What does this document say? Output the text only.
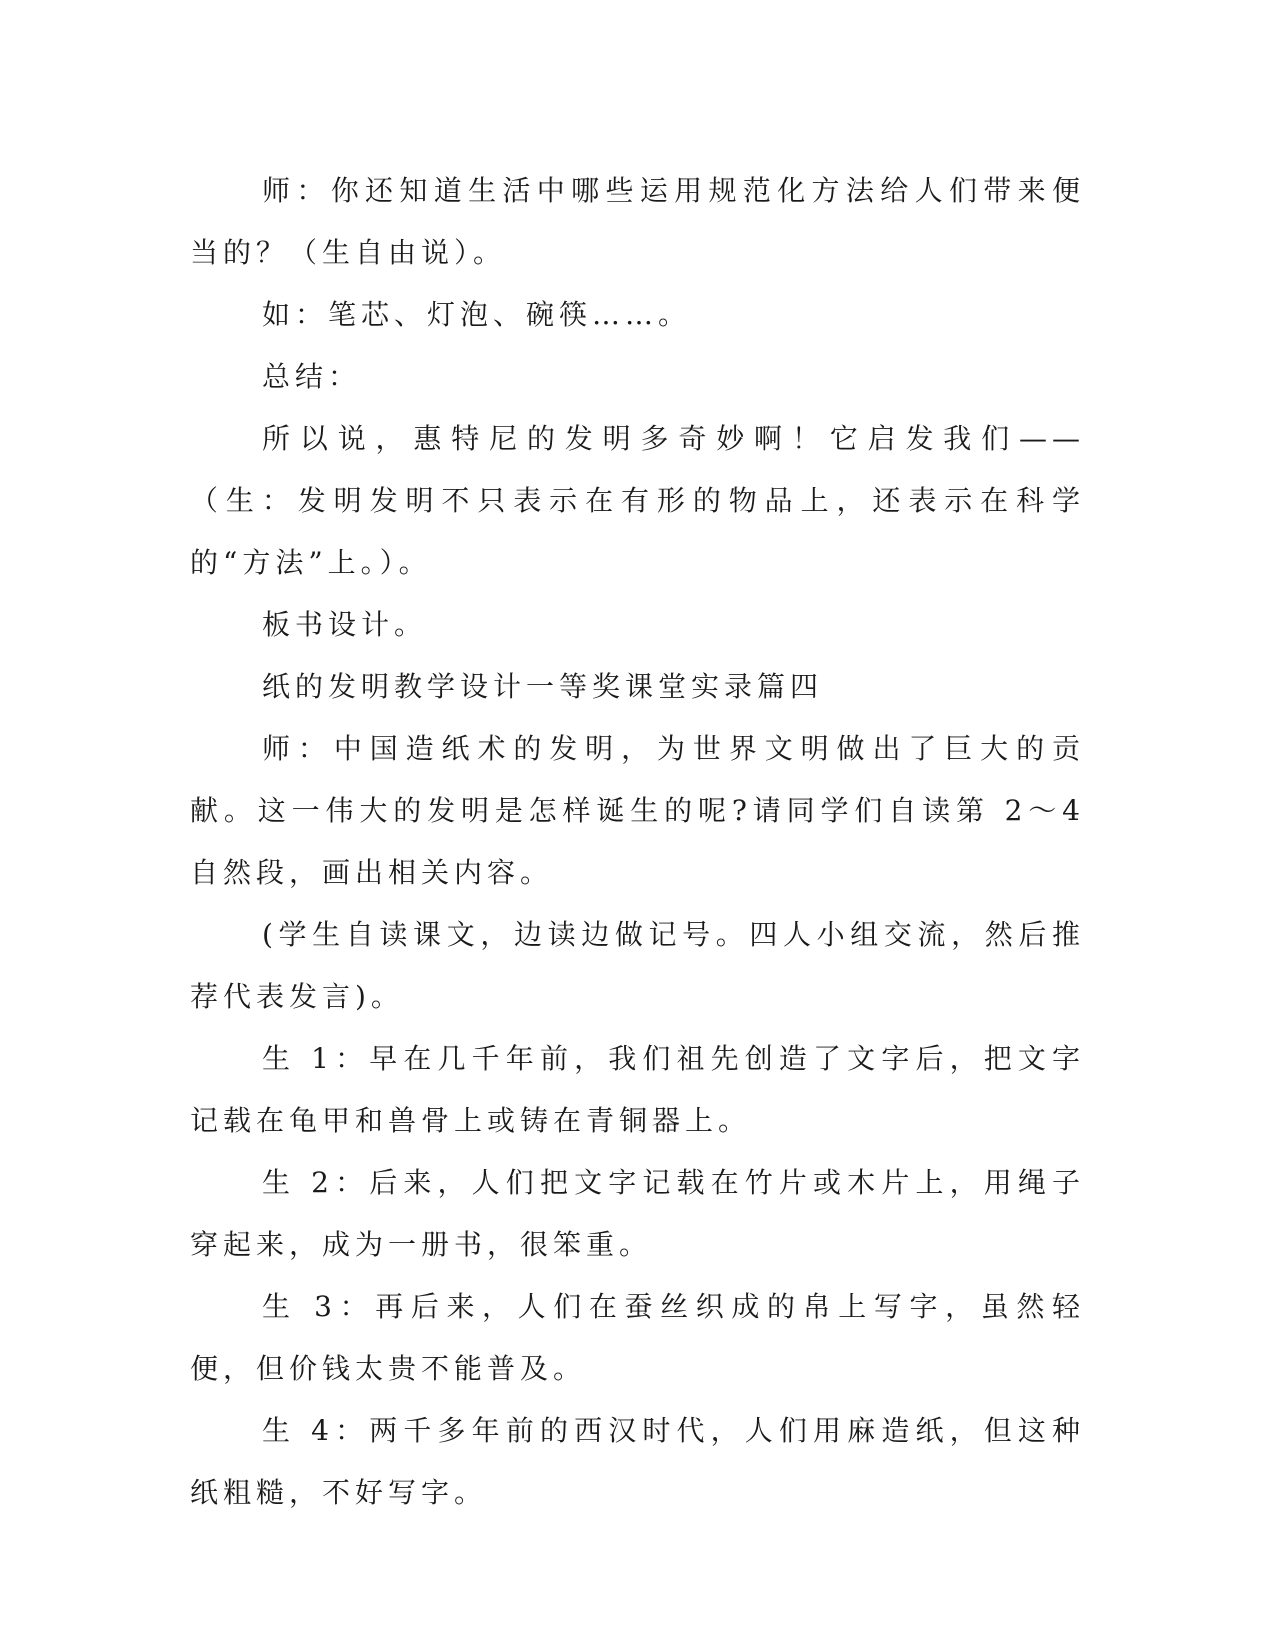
师：你还知道生活中哪些运用规范化方法给人们带来便当的？（生自由说）。

如：笔芯、灯泡、碗筷……。

总结：

所以说，惠特尼的发明多奇妙啊！它启发我们——（生：发明发明不只表示在有形的物品上，还表示在科学的“方法”上。）。

板书设计。

纸的发明教学设计一等奖课堂实录篇四

师：中国造纸术的发明，为世界文明做出了巨大的贡献。这一伟大的发明是怎样诞生的呢?请同学们自读第 2～4 自然段，画出相关内容。

(学生自读课文，边读边做记号。四人小组交流，然后推荐代表发言)。

生 1：早在几千年前，我们祖先创造了文字后，把文字记载在龟甲和兽骨上或铸在青铜器上。

生 2：后来，人们把文字记载在竹片或木片上，用绳子穿起来，成为一册书，很笨重。

生 3：再后来，人们在蚕丝织成的帛上写字，虽然轻便，但价钱太贵不能普及。

生 4：两千多年前的西汉时代，人们用麻造纸，但这种纸粗糙，不好写字。
